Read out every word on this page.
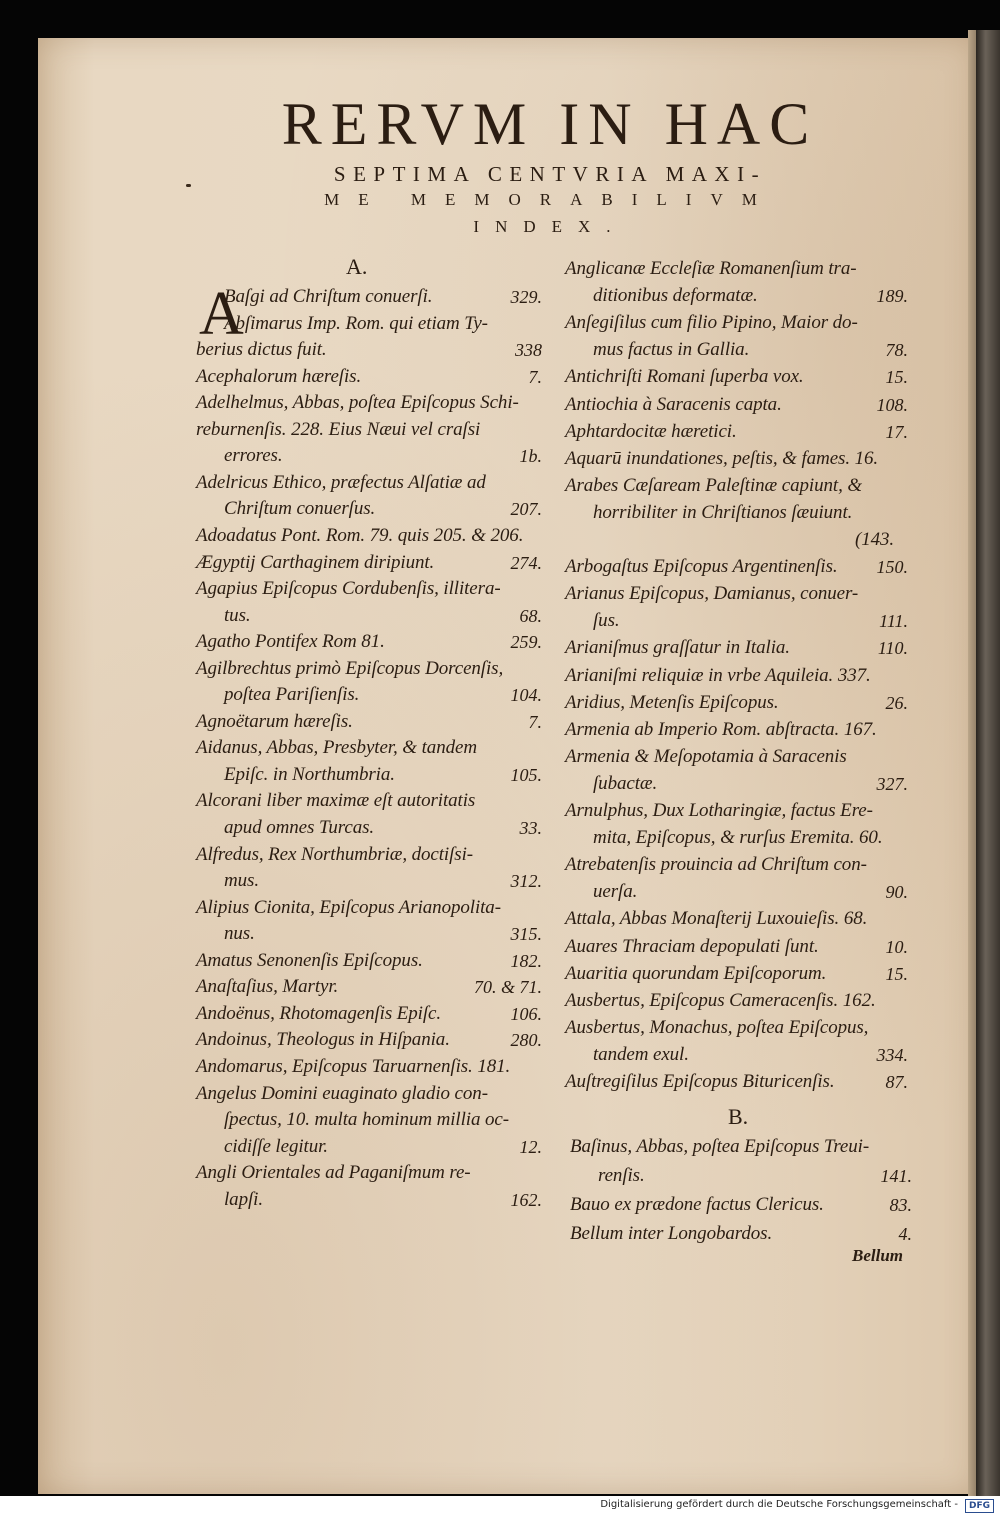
RERVM IN HAC
SEPTIMA CENTVRIA MAXI-
ME MEMORABILIVM
INDEX.
A.
A
Baſgi ad Chriſtum conuerſi.	329.
Abſimarus Imp. Rom. qui etiam Ty-
berius dictus fuit.	338
Acephalorum hæreſis.	7.
Adelhelmus, Abbas, poſtea Epiſcopus Schi-
reburnenſis. 228. Eius Næui vel craſsi
errores.	1b.
Adelricus Ethico, præfectus Alſatiæ ad
Chriſtum conuerſus.	207.
Adoadatus Pont. Rom. 79. quis 205. & 206.
Ægyptij Carthaginem diripiunt.	274.
Agapius Epiſcopus Cordubenſis, illitera-
tus.	68.
Agatho Pontifex Rom 81.	259.
Agilbrechtus primò Epiſcopus Dorcenſis,
poſtea Pariſienſis.	104.
Agnoëtarum hæreſis.	7.
Aidanus, Abbas, Presbyter, & tandem
Epiſc. in Northumbria.	105.
Alcorani liber maximæ eſt autoritatis
apud omnes Turcas.	33.
Alfredus, Rex Northumbriæ, doctiſsi-
mus.	312.
Alipius Cionita, Epiſcopus Arianopolita-
nus.	315.
Amatus Senonenſis Epiſcopus.	182.
Anaſtaſius, Martyr.	70. & 71.
Andoënus, Rhotomagenſis Epiſc.	106.
Andoinus, Theologus in Hiſpania.	280.
Andomarus, Epiſcopus Taruarnenſis. 181.
Angelus Domini euaginato gladio con-
ſpectus, 10. multa hominum millia oc-
cidiſſe legitur.	12.
Angli Orientales ad Paganiſmum re-
lapſi.	162.
Anglicanæ Eccleſiæ Romanenſium tra-
ditionibus deformatæ.	189.
Anſegiſilus cum filio Pipino, Maior do-
mus factus in Gallia.	78.
Antichriſti Romani ſuperba vox.	15.
Antiochia à Saracenis capta.	108.
Aphtardocitæ hæretici.	17.
Aquarū inundationes, peſtis, & fames. 16.
Arabes Cæſaream Paleſtinæ capiunt, &
horribiliter in Chriſtianos ſæuiunt.
(143.
Arbogaſtus Epiſcopus Argentinenſis. 150.
Arianus Epiſcopus, Damianus, conuer-
ſus.	111.
Arianiſmus graſſatur in Italia.	110.
Arianiſmi reliquiæ in vrbe Aquileia. 337.
Aridius, Metenſis Epiſcopus.	26.
Armenia ab Imperio Rom. abſtracta. 167.
Armenia & Meſopotamia à Saracenis
ſubactæ.	327.
Arnulphus, Dux Lotharingiæ, factus Ere-
mita, Epiſcopus, & rurſus Eremita. 60.
Atrebatenſis prouincia ad Chriſtum con-
uerſa.	90.
Attala, Abbas Monaſterij Luxouieſis. 68.
Auares Thraciam depopulati ſunt.	10.
Auaritia quorundam Epiſcoporum.	15.
Ausbertus, Epiſcopus Cameracenſis. 162.
Ausbertus, Monachus, poſtea Epiſcopus,
tandem exul.	334.
Auſtregiſilus Epiſcopus Bituricenſis.	87.
Baſinus, Abbas, poſtea Epiſcopus Treui-
renſis.	141.
Bauo ex prædone factus Clericus.	83.
Bellum inter Longobardos.	4.
B.
Bellum
Digitalisierung gefördert durch die Deutsche Forschungsgemeinschaft -	DFG
